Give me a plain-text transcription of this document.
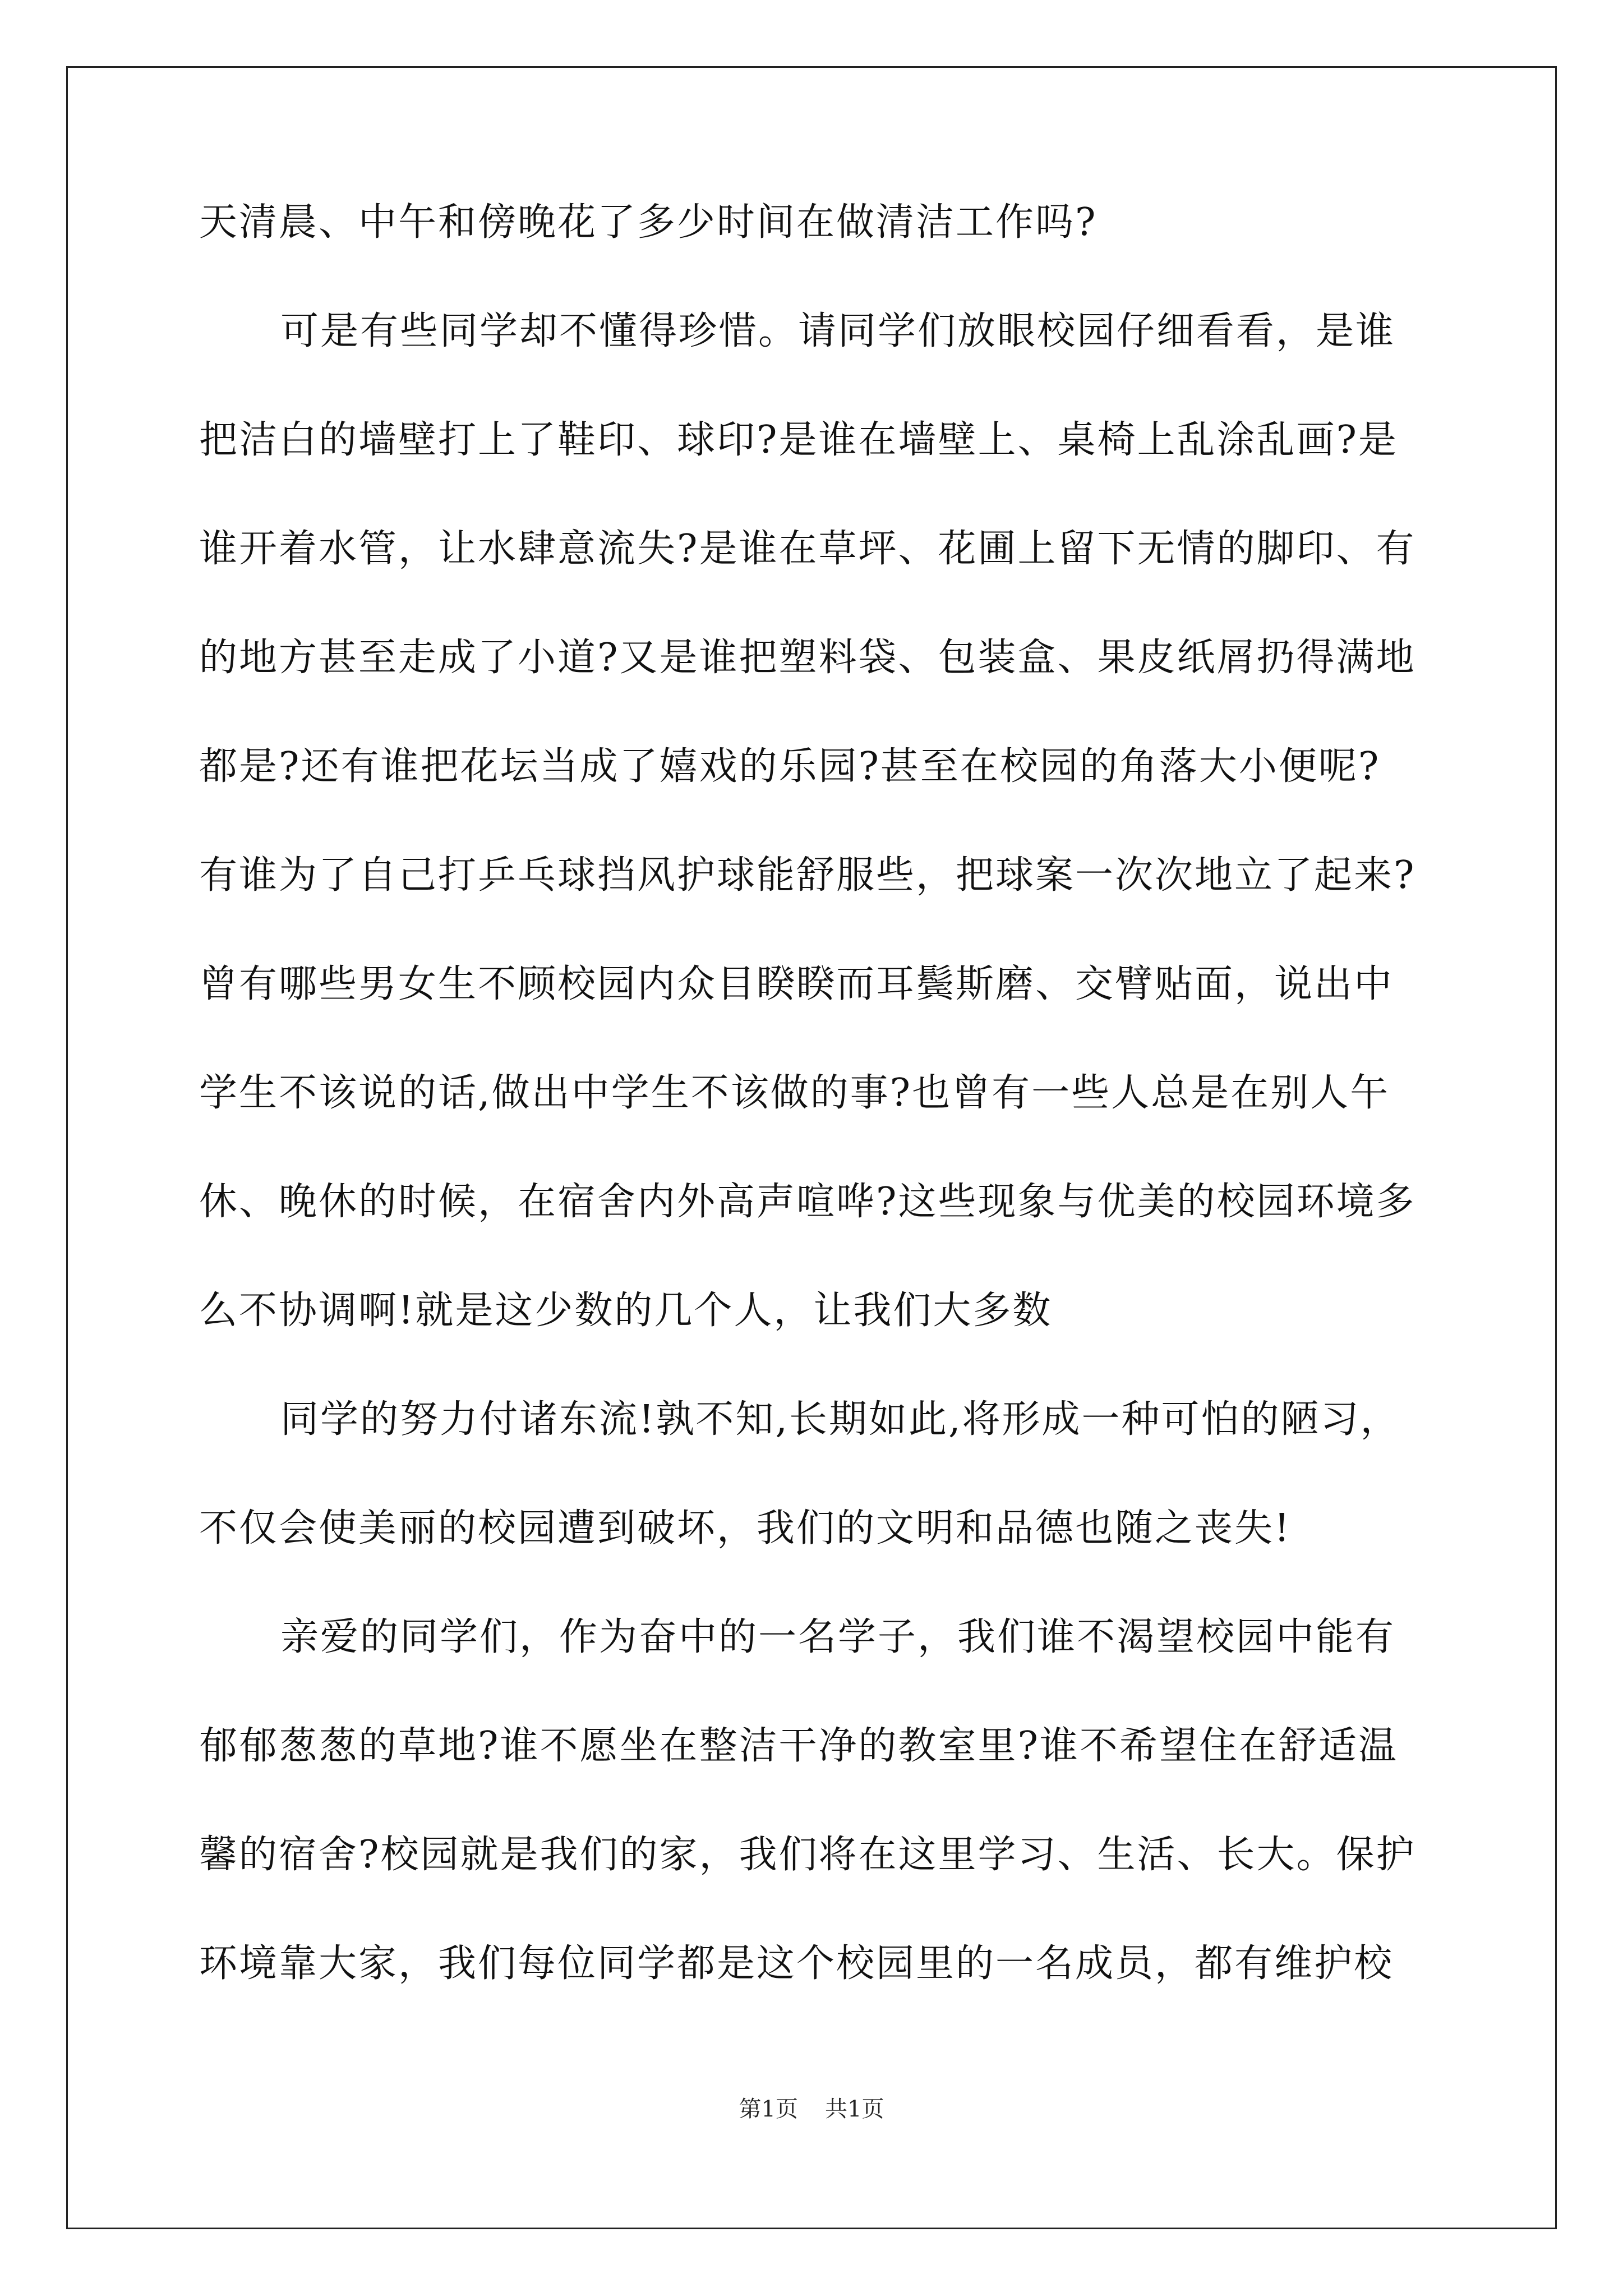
天清晨、中午和傍晚花了多少时间在做清洁工作吗?
可是有些同学却不懂得珍惜。请同学们放眼校园仔细看看，是谁
把洁白的墙壁打上了鞋印、球印?是谁在墙壁上、桌椅上乱涂乱画?是
谁开着水管，让水肆意流失?是谁在草坪、花圃上留下无情的脚印、有
的地方甚至走成了小道?又是谁把塑料袋、包装盒、果皮纸屑扔得满地
都是?还有谁把花坛当成了嬉戏的乐园?甚至在校园的角落大小便呢?
有谁为了自己打乒乓球挡风护球能舒服些，把球案一次次地立了起来?
曾有哪些男女生不顾校园内众目睽睽而耳鬓斯磨、交臂贴面，说出中
学生不该说的话,做出中学生不该做的事?也曾有一些人总是在别人午
休、晚休的时候，在宿舍内外高声喧哗?这些现象与优美的校园环境多
么不协调啊!就是这少数的几个人，让我们大多数
同学的努力付诸东流!孰不知,长期如此,将形成一种可怕的陋习，
不仅会使美丽的校园遭到破坏，我们的文明和品德也随之丧失!
亲爱的同学们，作为奋中的一名学子，我们谁不渴望校园中能有
郁郁葱葱的草地?谁不愿坐在整洁干净的教室里?谁不希望住在舒适温
馨的宿舍?校园就是我们的家，我们将在这里学习、生活、长大。保护
环境靠大家，我们每位同学都是这个校园里的一名成员，都有维护校
第1页 共1页
